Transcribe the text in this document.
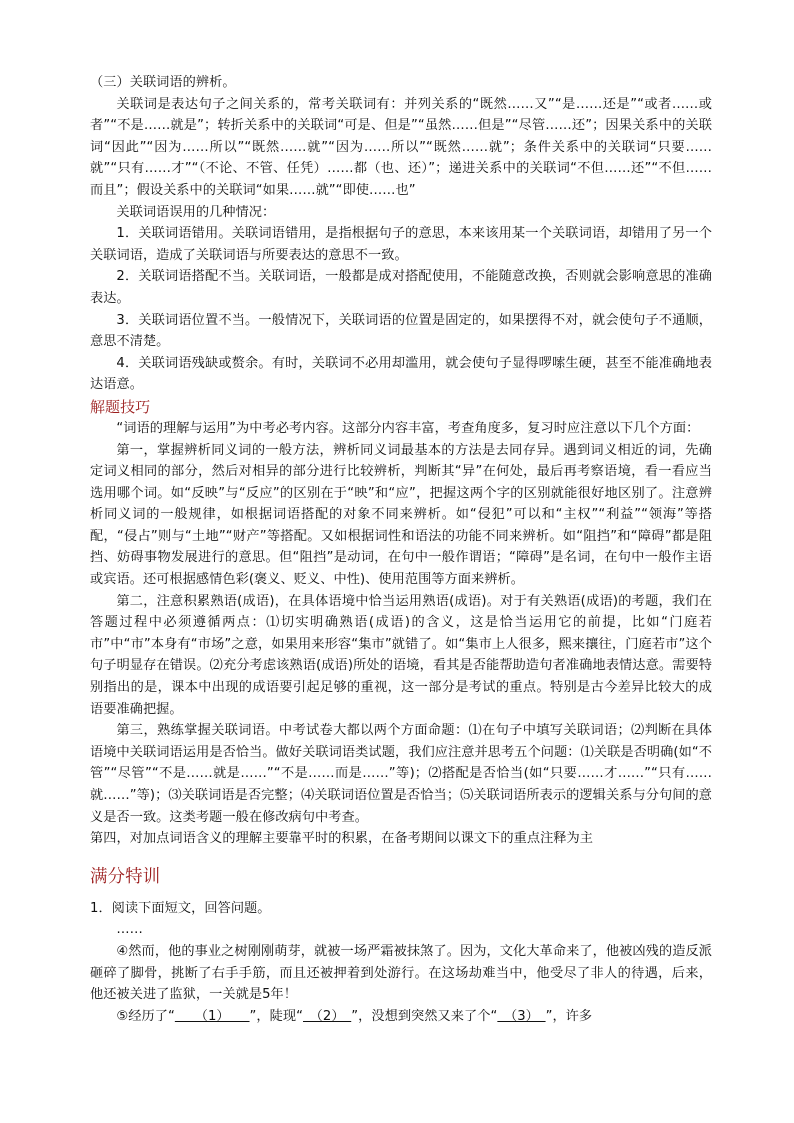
（三）关联词语的辨析。

关联词是表达句子之间关系的，常考关联词有：并列关系的“既然……又”“是……还是”“或者……或者”“不是……就是”；转折关系中的关联词“可是、但是”“虽然……但是”“尽管……还”；因果关系中的关联词“因此”“因为……所以”“既然……就”“因为……所以”“既然……就”；条件关系中的关联词“只要……就”“只有……才”“（不论、不管、任凭）……都（也、还）”；递进关系中的关联词“不但……还”“不但……而且”；假设关系中的关联词“如果……就”“即使……也”

关联词语误用的几种情况：

1．关联词语错用。关联词语错用，是指根据句子的意思，本来该用某一个关联词语，却错用了另一个关联词语，造成了关联词语与所要表达的意思不一致。

2．关联词语搭配不当。关联词语，一般都是成对搭配使用，不能随意改换，否则就会影响意思的准确表达。

3．关联词语位置不当。一般情况下，关联词语的位置是固定的，如果摆得不对，就会使句子不通顺，意思不清楚。

4．关联词语残缺或赘余。有时，关联词不必用却滥用，就会使句子显得啰嗦生硬，甚至不能准确地表达语意。

解题技巧

“词语的理解与运用”为中考必考内容。这部分内容丰富，考查角度多，复习时应注意以下几个方面：

第一，掌握辨析同义词的一般方法，辨析同义词最基本的方法是去同存异。遇到词义相近的词，先确定词义相同的部分，然后对相异的部分进行比较辨析，判断其“异”在何处，最后再考察语境，看一看应当选用哪个词。如“反映”与“反应”的区别在于“映”和“应”，把握这两个字的区别就能很好地区别了。注意辨析同义词的一般规律，如根据词语搭配的对象不同来辨析。如“侵犯”可以和“主权”“利益”“领海”等搭配，“侵占”则与“土地”“财产”等搭配。又如根据词性和语法的功能不同来辨析。如“阻挡”和“障碍”都是阻挡、妨碍事物发展进行的意思。但“阻挡”是动词，在句中一般作谓语；“障碍”是名词，在句中一般作主语或宾语。还可根据感情色彩(褒义、贬义、中性)、使用范围等方面来辨析。

第二，注意积累熟语(成语)，在具体语境中恰当运用熟语(成语)。对于有关熟语(成语)的考题，我们在答题过程中必须遵循两点：⑴切实明确熟语(成语)的含义，这是恰当运用它的前提，比如“门庭若市”中“市”本身有“市场”之意，如果用来形容“集市”就错了。如“集市上人很多，熙来攘往，门庭若市”这个句子明显存在错误。⑵充分考虑该熟语(成语)所处的语境，看其是否能帮助造句者准确地表情达意。需要特别指出的是，课本中出现的成语要引起足够的重视，这一部分是考试的重点。特别是古今差异比较大的成语要准确把握。

第三，熟练掌握关联词语。中考试卷大都以两个方面命题：⑴在句子中填写关联词语；⑵判断在具体语境中关联词语运用是否恰当。做好关联词语类试题，我们应注意并思考五个问题：⑴关联是否明确(如“不管”“尽管”“不是……就是……”“不是……而是……”等)；⑵搭配是否恰当(如“只要……才……”“只有……就……”等)；⑶关联词语是否完整；⑷关联词语位置是否恰当；⑸关联词语所表示的逻辑关系与分句间的意义是否一致。这类考题一般在修改病句中考查。

第四，对加点词语含义的理解主要靠平时的积累，在备考期间以课文下的重点注释为主

满分特训

1．阅读下面短文，回答问题。

……

④然而，他的事业之树刚刚萌芽，就被一场严霜被抹煞了。因为，文化大革命来了，他被凶残的造反派砸碎了脚骨，挑断了右手手筋，而且还被押着到处游行。在这场劫难当中，他受尽了非人的待遇，后来，他还被关进了监狱，一关就是5年！

⑤经历了“　　（1）　　”，陡现“　（2）　”，没想到突然又来了个“　（3）　”，许多
